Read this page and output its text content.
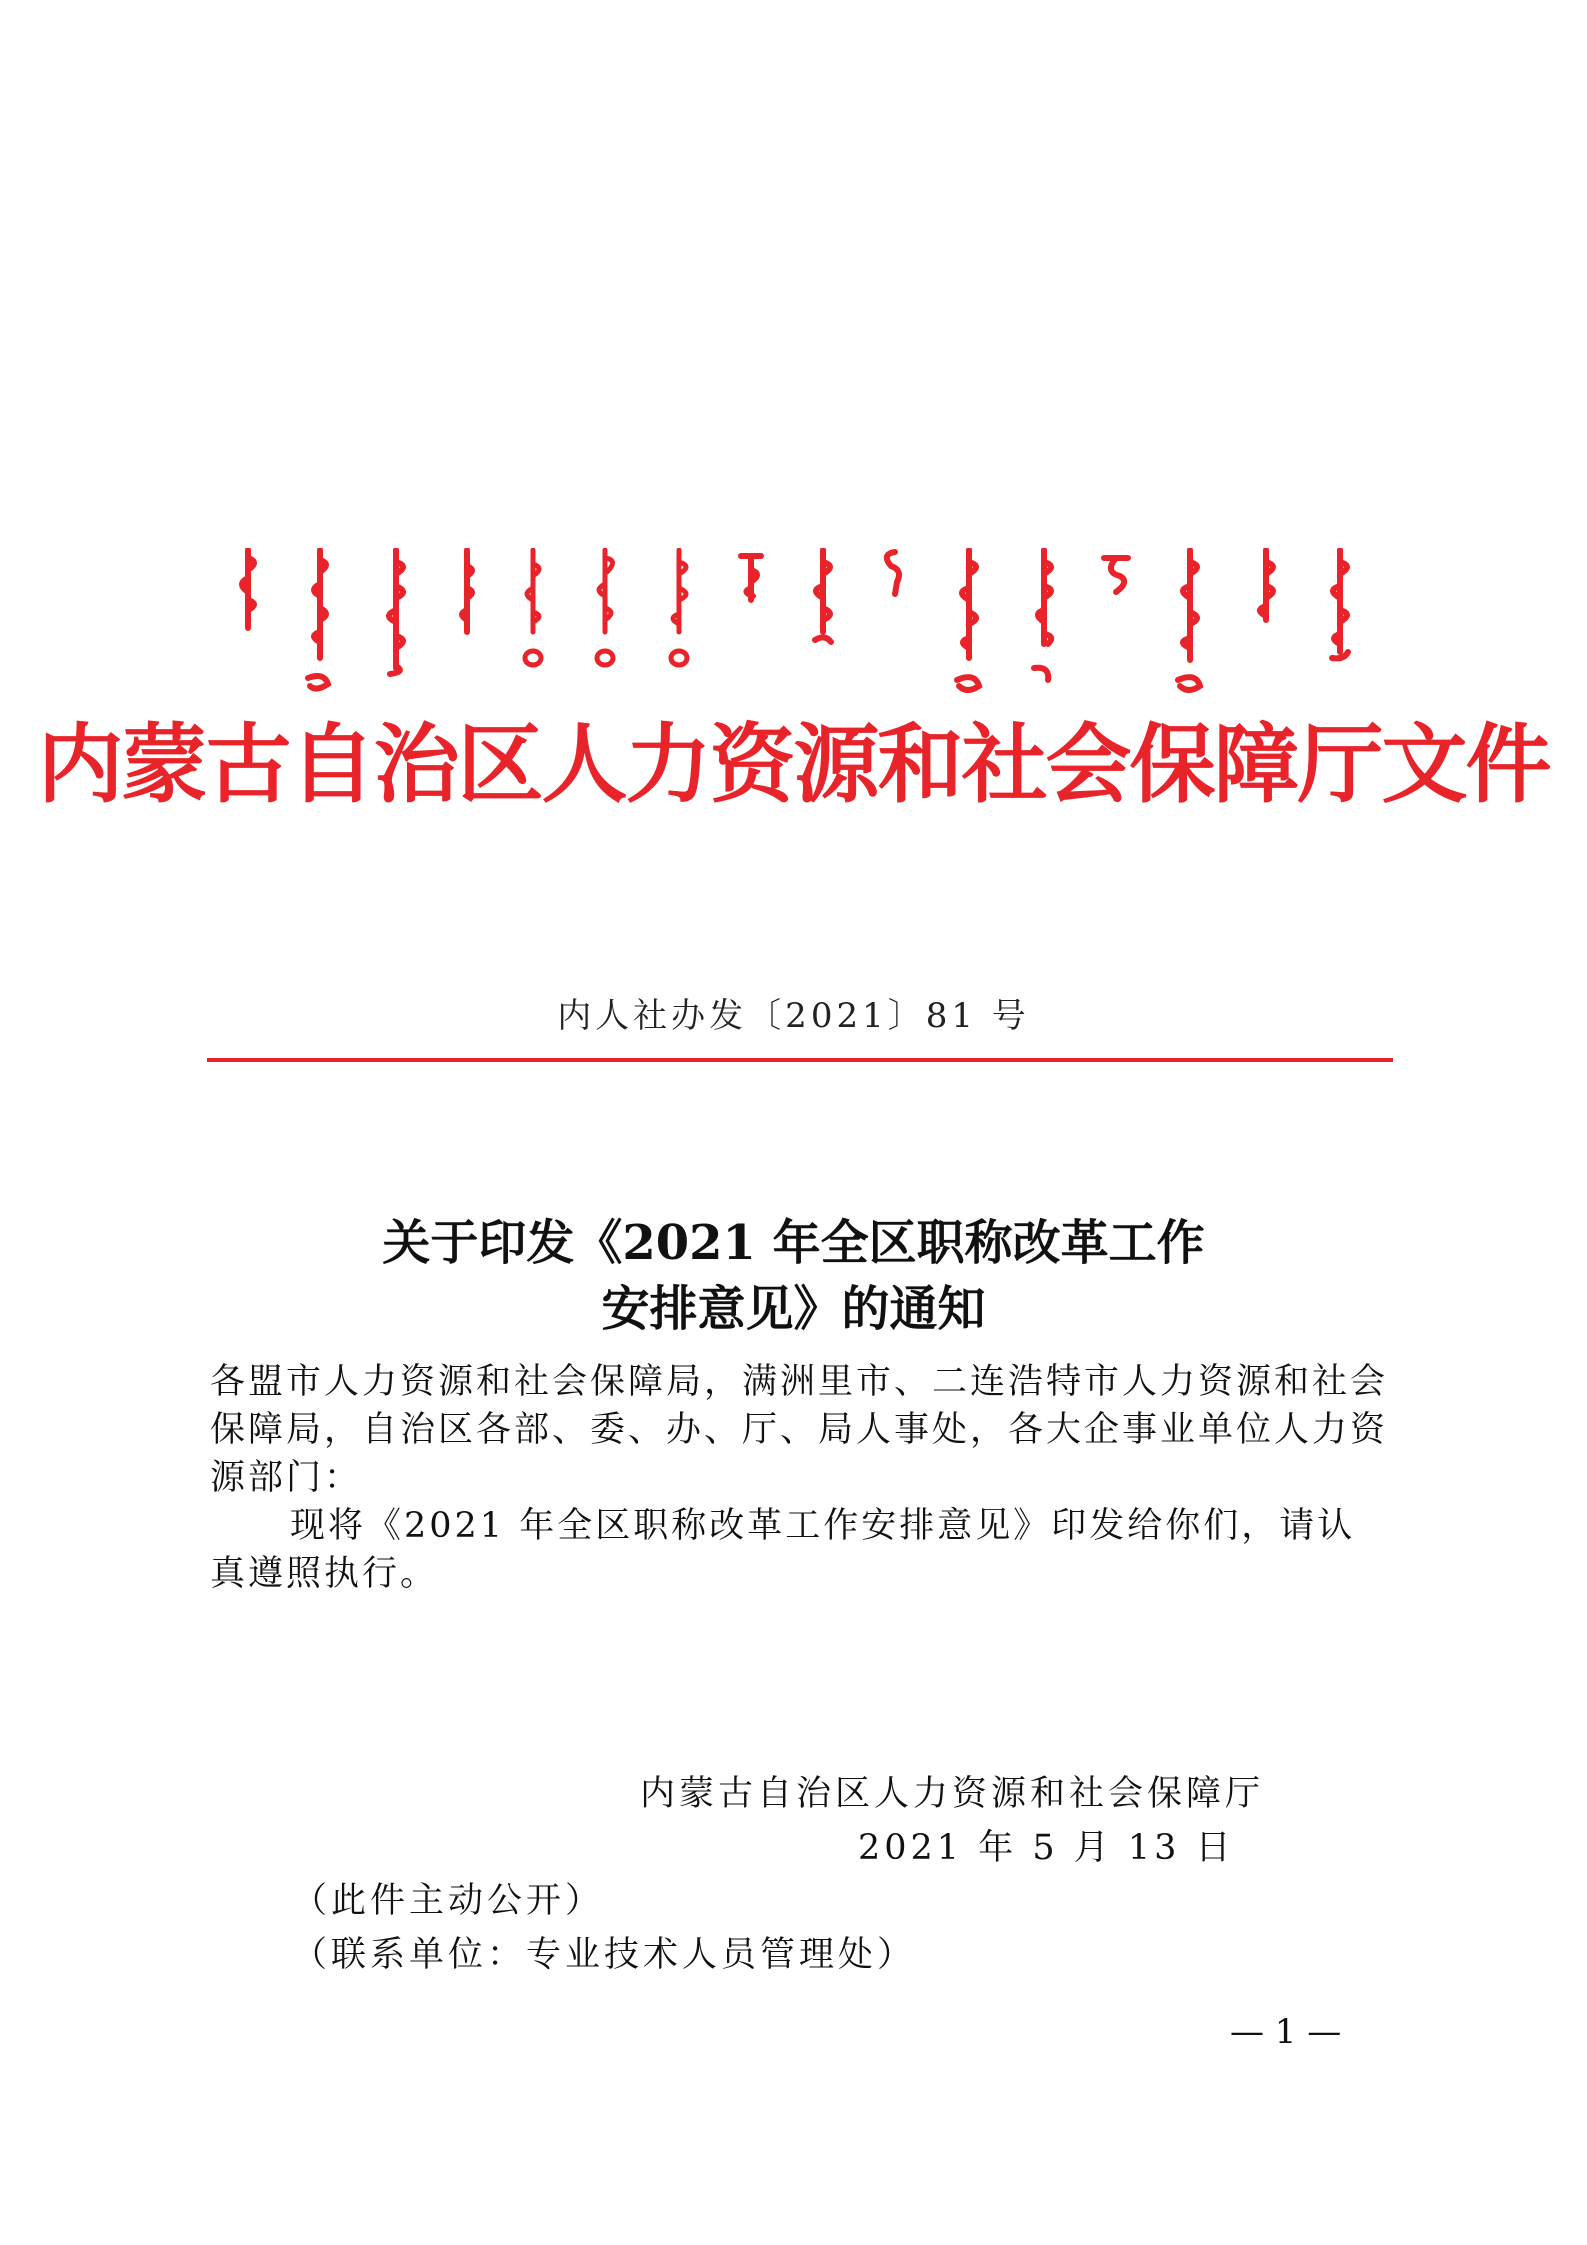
内蒙古自治区人力资源和社会保障厅文件
内人社办发〔2021〕81 号
关于印发《2021 年全区职称改革工作
安排意见》的通知

各盟市人力资源和社会保障局，满洲里市、二连浩特市人力资源和社会保障局，自治区各部、委、办、厅、局人事处，各大企事业单位人力资源部门：

现将《2021 年全区职称改革工作安排意见》印发给你们，请认真遵照执行。

内蒙古自治区人力资源和社会保障厅
2021 年 5 月 13 日
（此件主动公开）
（联系单位：专业技术人员管理处）
— 1 —
